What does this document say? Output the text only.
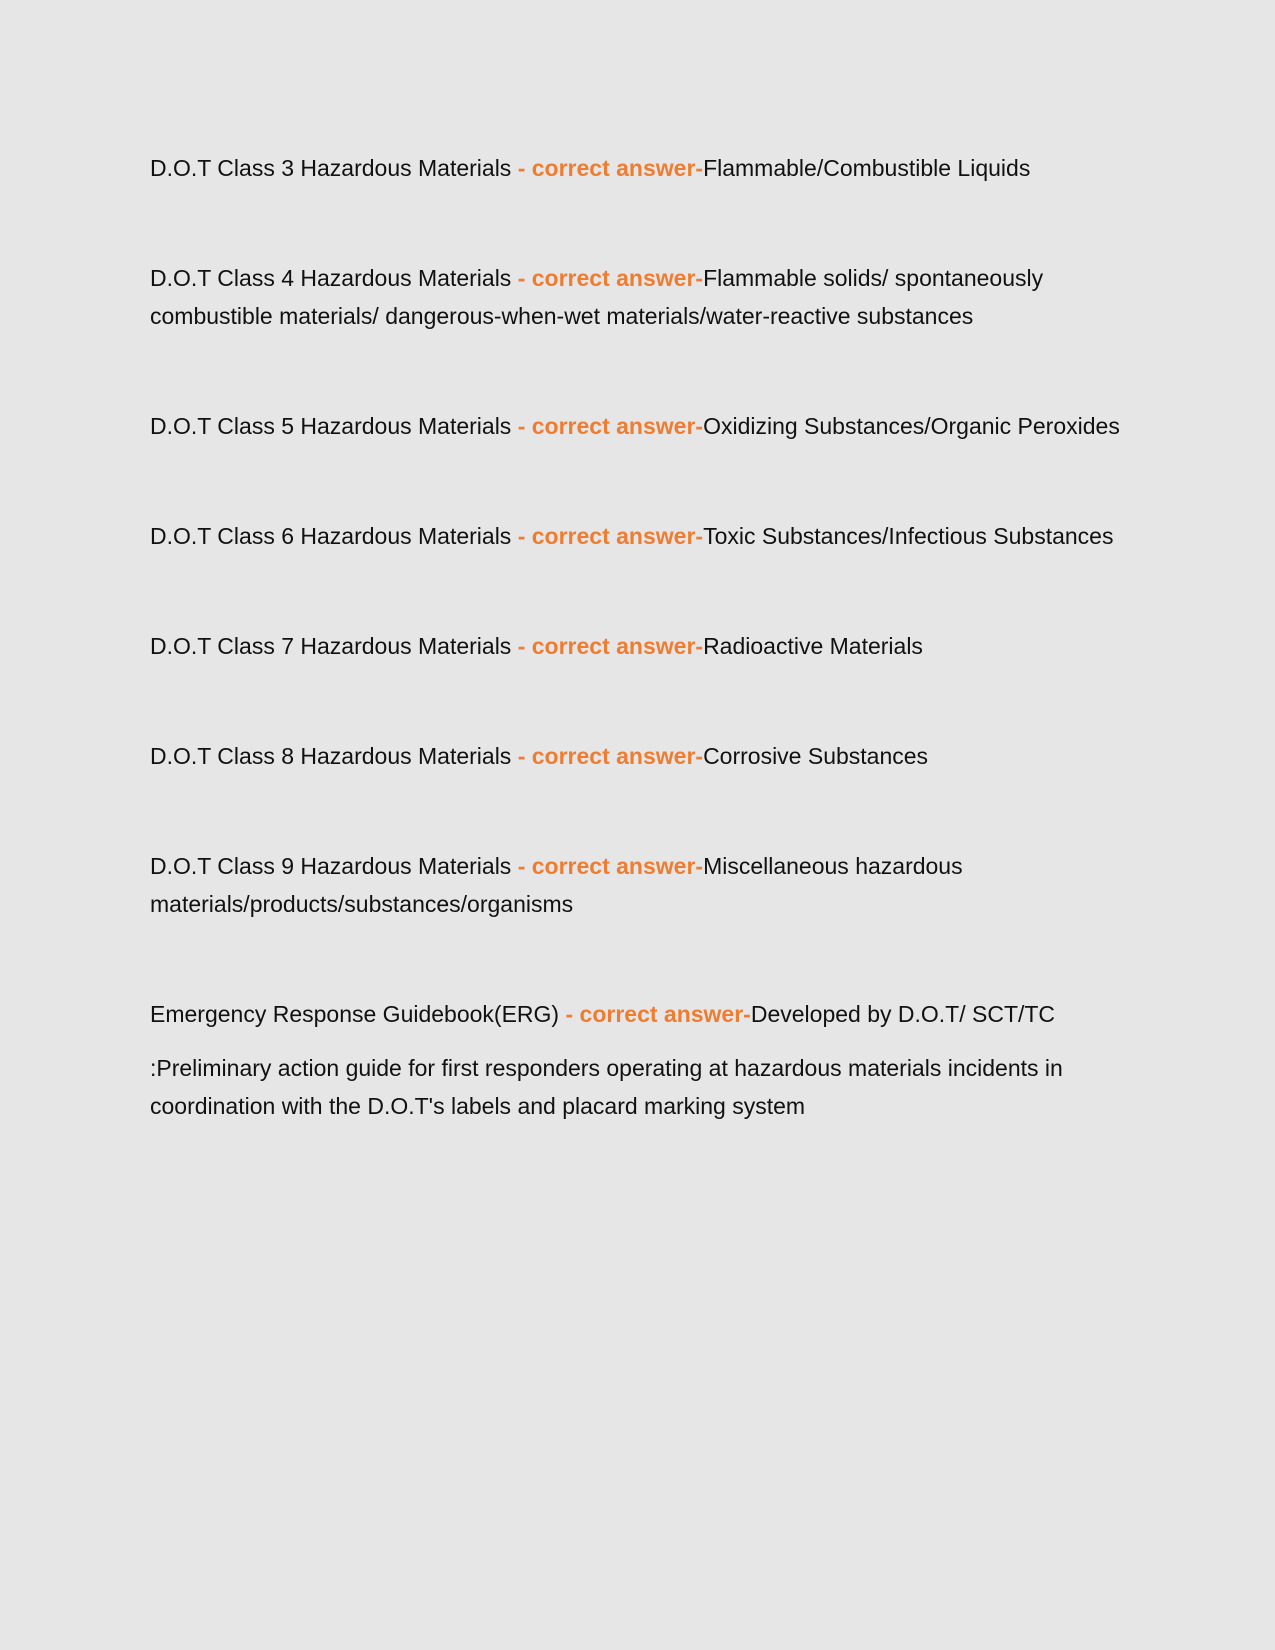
D.O.T Class 3 Hazardous Materials - correct answer-Flammable/Combustible Liquids

D.O.T Class 4 Hazardous Materials - correct answer-Flammable solids/ spontaneously combustible materials/ dangerous-when-wet materials/water-reactive substances

D.O.T Class 5 Hazardous Materials - correct answer-Oxidizing Substances/Organic Peroxides

D.O.T Class 6 Hazardous Materials - correct answer-Toxic Substances/Infectious Substances

D.O.T Class 7 Hazardous Materials - correct answer-Radioactive Materials

D.O.T Class 8 Hazardous Materials - correct answer-Corrosive Substances

D.O.T Class 9 Hazardous Materials - correct answer-Miscellaneous hazardous materials/products/substances/organisms

Emergency Response Guidebook(ERG) - correct answer-Developed by D.O.T/ SCT/TC

:Preliminary action guide for first responders operating at hazardous materials incidents in coordination with the D.O.T's labels and placard marking system
